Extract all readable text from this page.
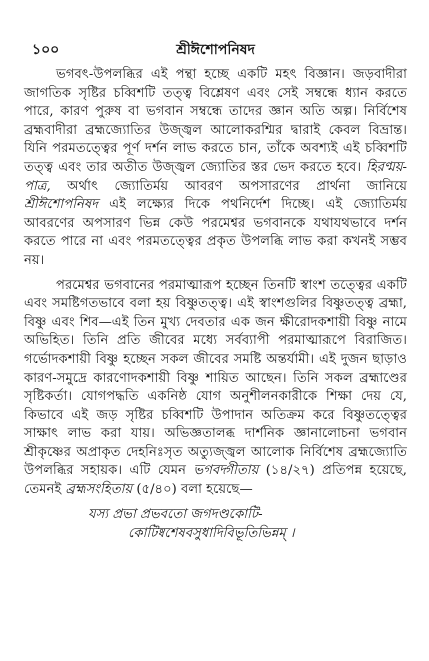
১০০	শ্রীঈশোপনিষদ

ভগবৎ-উপলব্ধির এই পন্থা হচ্ছে একটি মহৎ বিজ্ঞান। জড়বাদীরা জাগতিক সৃষ্টির চব্বিশটি তত্ত্ব বিশ্লেষণ এবং সেই সম্বন্ধে ধ্যান করতে পারে, কারণ পুরুষ বা ভগবান সম্বন্ধে তাদের জ্ঞান অতি অল্প। নির্বিশেষ ব্রহ্মবাদীরা ব্রহ্মজ্যোতির উজ্জ্বল আলোকরশ্মির দ্বারাই কেবল বিভ্রান্ত। যিনি পরমতত্ত্বের পূর্ণ দর্শন লাভ করতে চান, তাঁকে অবশ্যই এই চব্বিশটি তত্ত্ব এবং তার অতীত উজ্জ্বল জ্যোতির স্তর ভেদ করতে হবে। হিরণ্ময়-পাত্র, অর্থাৎ জ্যোতির্ময় আবরণ অপসারণের প্রার্থনা জানিয়ে শ্রীঈশোপনিষদ এই লক্ষ্যের দিকে পথনির্দেশ দিচ্ছে। এই জ্যোতির্ময় আবরণের অপসারণ ভিন্ন কেউ পরমেশ্বর ভগবানকে যথাযথভাবে দর্শন করতে পারে না এবং পরমতত্ত্বের প্রকৃত উপলব্ধি লাভ করা কখনই সম্ভব নয়।

পরমেশ্বর ভগবানের পরমাত্মারূপ হচ্ছেন তিনটি স্বাংশ তত্ত্বের একটি এবং সমষ্টিগতভাবে বলা হয় বিষ্ণুতত্ত্ব। এই স্বাংশগুলির বিষ্ণুতত্ত্ব ব্রহ্মা, বিষ্ণু এবং শিব—এই তিন মুখ্য দেবতার এক জন ক্ষীরোদকশায়ী বিষ্ণু নামে অভিহিত। তিনি প্রতি জীবের মধ্যে সর্বব্যাপী পরমাত্মারূপে বিরাজিত। গর্ভোদকশায়ী বিষ্ণু হচ্ছেন সকল জীবের সমষ্টি অন্তর্যামী। এই দুজন ছাড়াও কারণ-সমুদ্রে কারণোদকশায়ী বিষ্ণু শায়িত আছেন। তিনি সকল ব্রহ্মাণ্ডের সৃষ্টিকর্তা। যোগপদ্ধতি একনিষ্ঠ যোগ অনুশীলনকারীকে শিক্ষা দেয় যে, কিভাবে এই জড় সৃষ্টির চব্বিশটি উপাদান অতিক্রম করে বিষ্ণুতত্ত্বের সাক্ষাৎ লাভ করা যায়। অভিজ্ঞতালব্ধ দার্শনিক জ্ঞানালোচনা ভগবান শ্রীকৃষ্ণের অপ্রাকৃত দেহনিঃসৃত অত্যুজ্জ্বল আলোক নির্বিশেষ ব্রহ্মজ্যোতি উপলব্ধির সহায়ক। এটি যেমন ভগবদ্গীতায় (১৪/২৭) প্রতিপন্ন হয়েছে, তেমনই ব্রহ্মসংহিতায় (৫/৪০) বলা হয়েছে—

যস্য প্রভা প্রভবতো জগদণ্ডকোটি-
কোটিষ্বশেষবসুধাদিবিভূতিভিন্নম্ ।
